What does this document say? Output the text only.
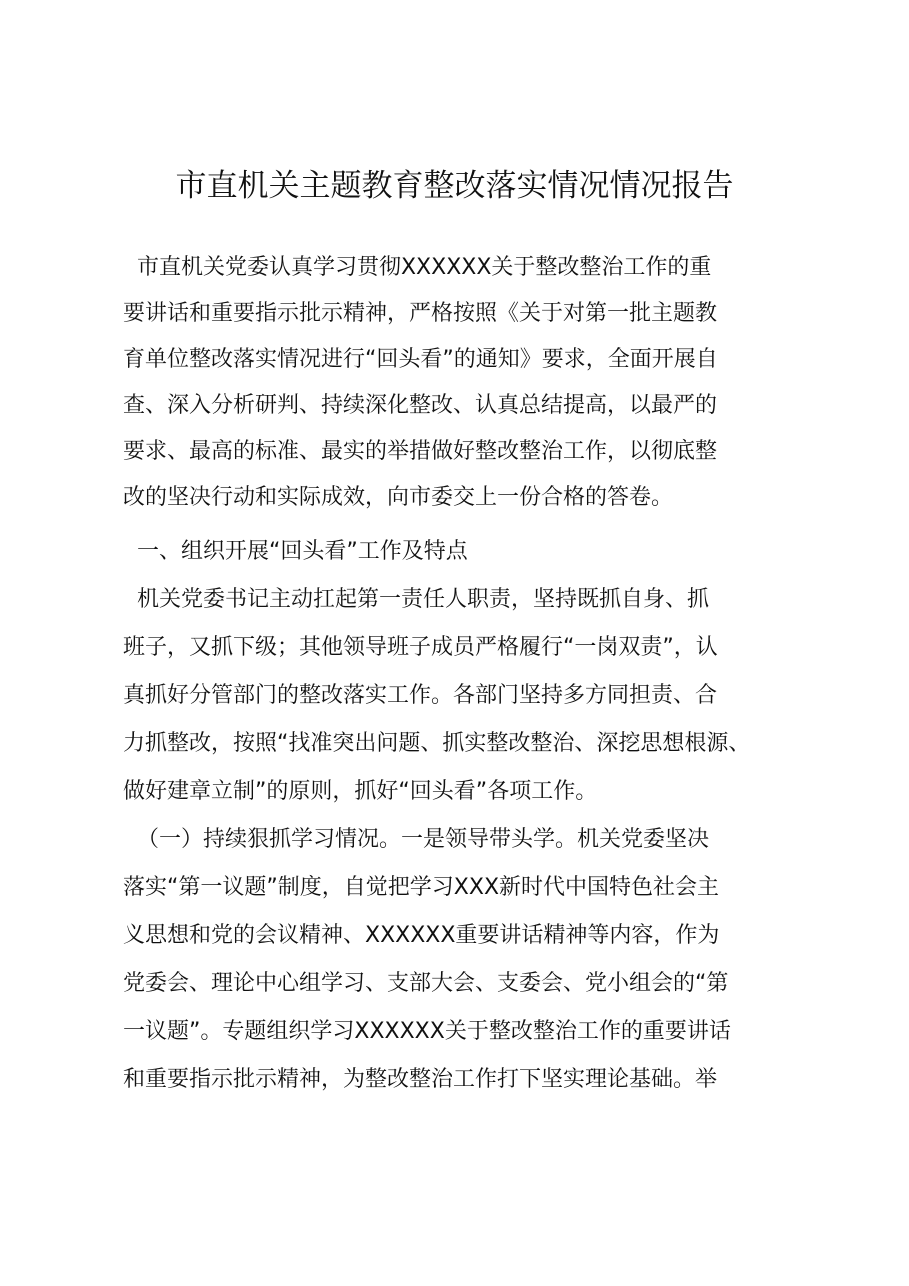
市直机关主题教育整改落实情况情况报告
市直机关党委认真学习贯彻XXXXXX关于整改整治工作的重
要讲话和重要指示批示精神，严格按照《关于对第一批主题教
育单位整改落实情况进行“回头看”的通知》要求，全面开展自
查、深入分析研判、持续深化整改、认真总结提高，以最严的
要求、最高的标准、最实的举措做好整改整治工作，以彻底整
改的坚决行动和实际成效，向市委交上一份合格的答卷。
一、组织开展“回头看”工作及特点
机关党委书记主动扛起第一责任人职责，坚持既抓自身、抓
班子，又抓下级；其他领导班子成员严格履行“一岗双责”，认
真抓好分管部门的整改落实工作。各部门坚持多方同担责、合
力抓整改，按照“找准突出问题、抓实整改整治、深挖思想根源、
做好建章立制”的原则，抓好“回头看”各项工作。
（一）持续狠抓学习情况。一是领导带头学。机关党委坚决
落实“第一议题”制度，自觉把学习XXX新时代中国特色社会主
义思想和党的会议精神、XXXXXX重要讲话精神等内容，作为
党委会、理论中心组学习、支部大会、支委会、党小组会的“第
一议题”。专题组织学习XXXXXX关于整改整治工作的重要讲话
和重要指示批示精神，为整改整治工作打下坚实理论基础。举
